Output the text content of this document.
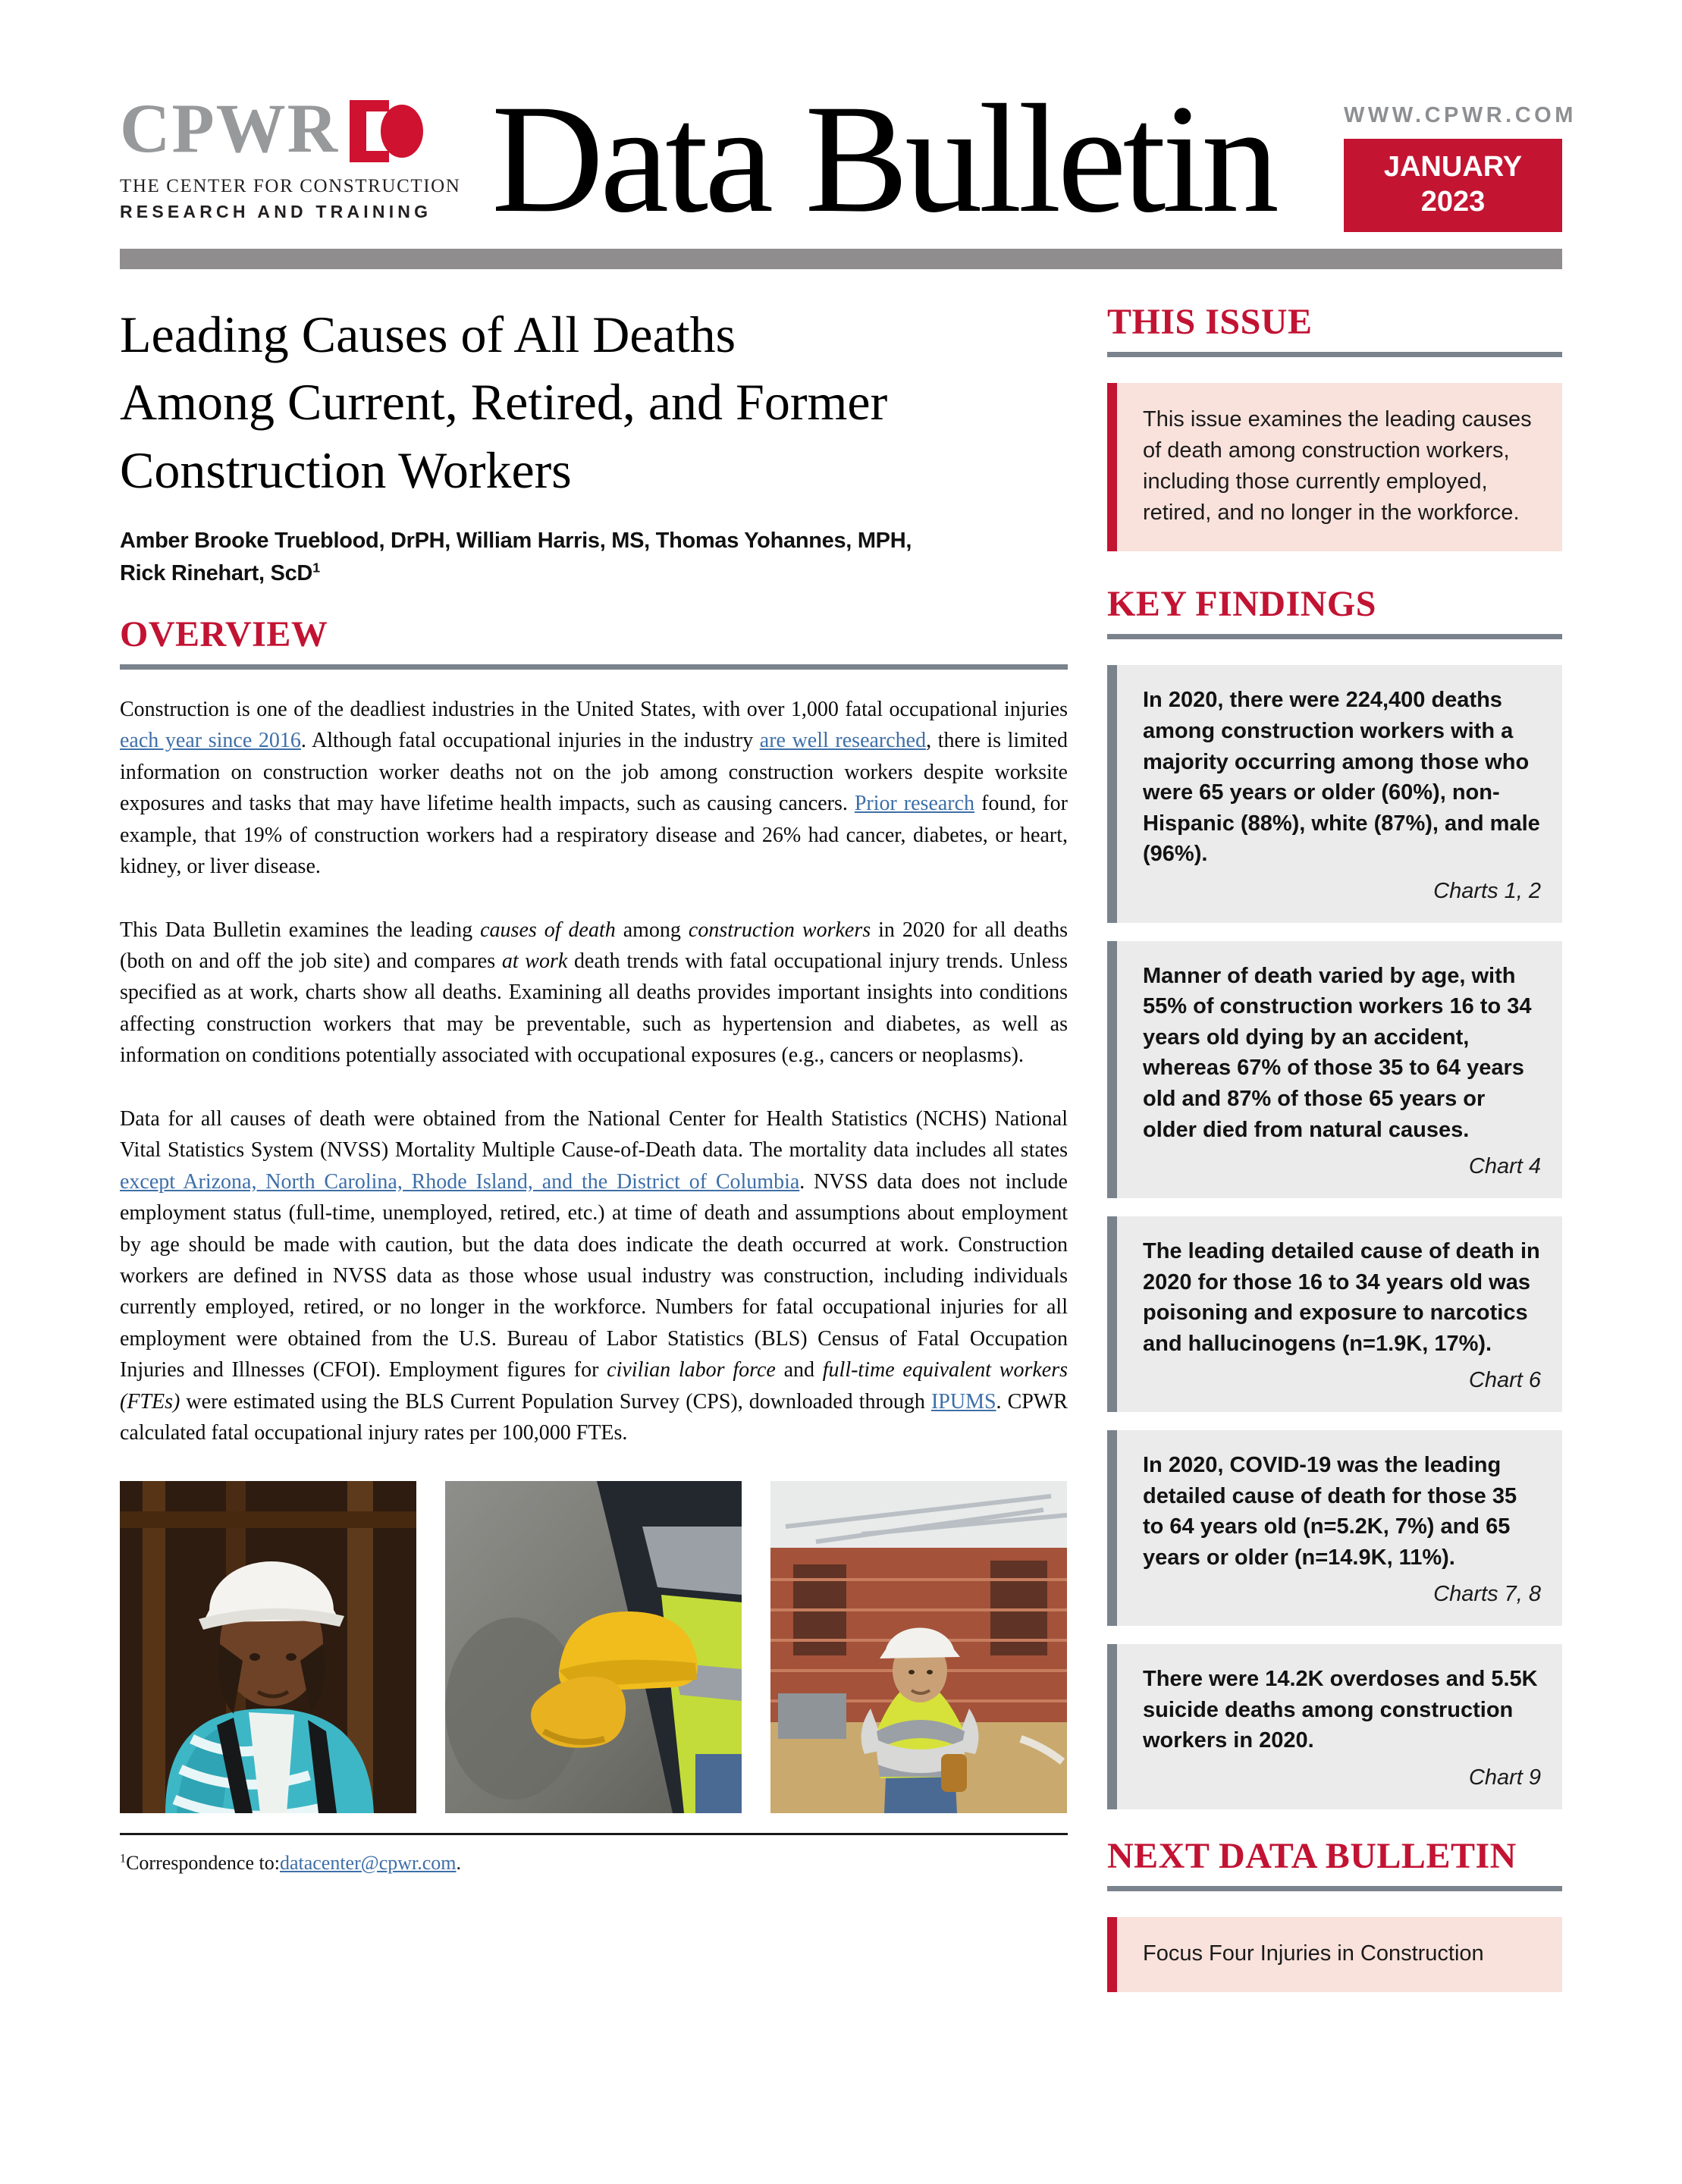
CPWR
THE CENTER FOR CONSTRUCTION
RESEARCH AND TRAINING Data Bulletin	WWW.CPWR.COM
JANUARY
2023
Leading Causes of All Deaths
Among Current, Retired, and Former
Construction Workers
Amber Brooke Trueblood, DrPH, William Harris, MS, Thomas Yohannes, MPH,
Rick Rinehart, ScD$^1$
OVERVIEW

Construction is one of the deadliest industries in the United States, with over 1,000 fatal occupational injuries each year since 2016. Although fatal occupational injuries in the industry are well researched, there is limited information on construction worker deaths not on the job among construction workers despite worksite exposures and tasks that may have lifetime health impacts, such as causing cancers. Prior research found, for example, that 19% of construction workers had a respiratory disease and 26% had cancer, diabetes, or heart, kidney, or liver disease.

This Data Bulletin examines the leading causes of death among construction workers in 2020 for all deaths (both on and off the job site) and compares at work death trends with fatal occupational injury trends. Unless specified as at work, charts show all deaths. Examining all deaths provides important insights into conditions affecting construction workers that may be preventable, such as hypertension and diabetes, as well as information on conditions potentially associated with occupational exposures (e.g., cancers or neoplasms).

Data for all causes of death were obtained from the National Center for Health Statistics (NCHS) National Vital Statistics System (NVSS) Mortality Multiple Cause-of-Death data. The mortality data includes all states except Arizona, North Carolina, Rhode Island, and the District of Columbia. NVSS data does not include employment status (full-time, unemployed, retired, etc.) at time of death and assumptions about employment by age should be made with caution, but the data does indicate the death occurred at work. Construction workers are defined in NVSS data as those whose usual industry was construction, including individuals currently employed, retired, or no longer in the workforce. Numbers for fatal occupational injuries for all employment were obtained from the U.S. Bureau of Labor Statistics (BLS) Census of Fatal Occupation Injuries and Illnesses (CFOI). Employment figures for civilian labor force and full-time equivalent workers (FTEs) were estimated using the BLS Current Population Survey (CPS), downloaded through IPUMS. CPWR calculated fatal occupational injury rates per 100,000 FTEs.

$^1$Correspondence to:datacenter@cpwr.com.
THIS ISSUE
This issue examines the leading causes of death among construction workers, including those currently employed, retired, and no longer in the workforce.
KEY FINDINGS
In 2020, there were 224,400 deaths among construction workers with a majority occurring among those who were 65 years or older (60%), non-Hispanic (88%), white (87%), and male (96%).
Charts 1, 2
Manner of death varied by age, with 55% of construction workers 16 to 34 years old dying by an accident, whereas 67% of those 35 to 64 years old and 87% of those 65 years or older died from natural causes.
Chart 4
The leading detailed cause of death in 2020 for those 16 to 34 years old was poisoning and exposure to narcotics and hallucinogens (n=1.9K, 17%).
Chart 6
In 2020, COVID-19 was the leading detailed cause of death for those 35 to 64 years old (n=5.2K, 7%) and 65 years or older (n=14.9K, 11%).
Charts 7, 8
There were 14.2K overdoses and 5.5K suicide deaths among construction workers in 2020.
Chart 9
NEXT DATA BULLETIN
Focus Four Injuries in Construction
